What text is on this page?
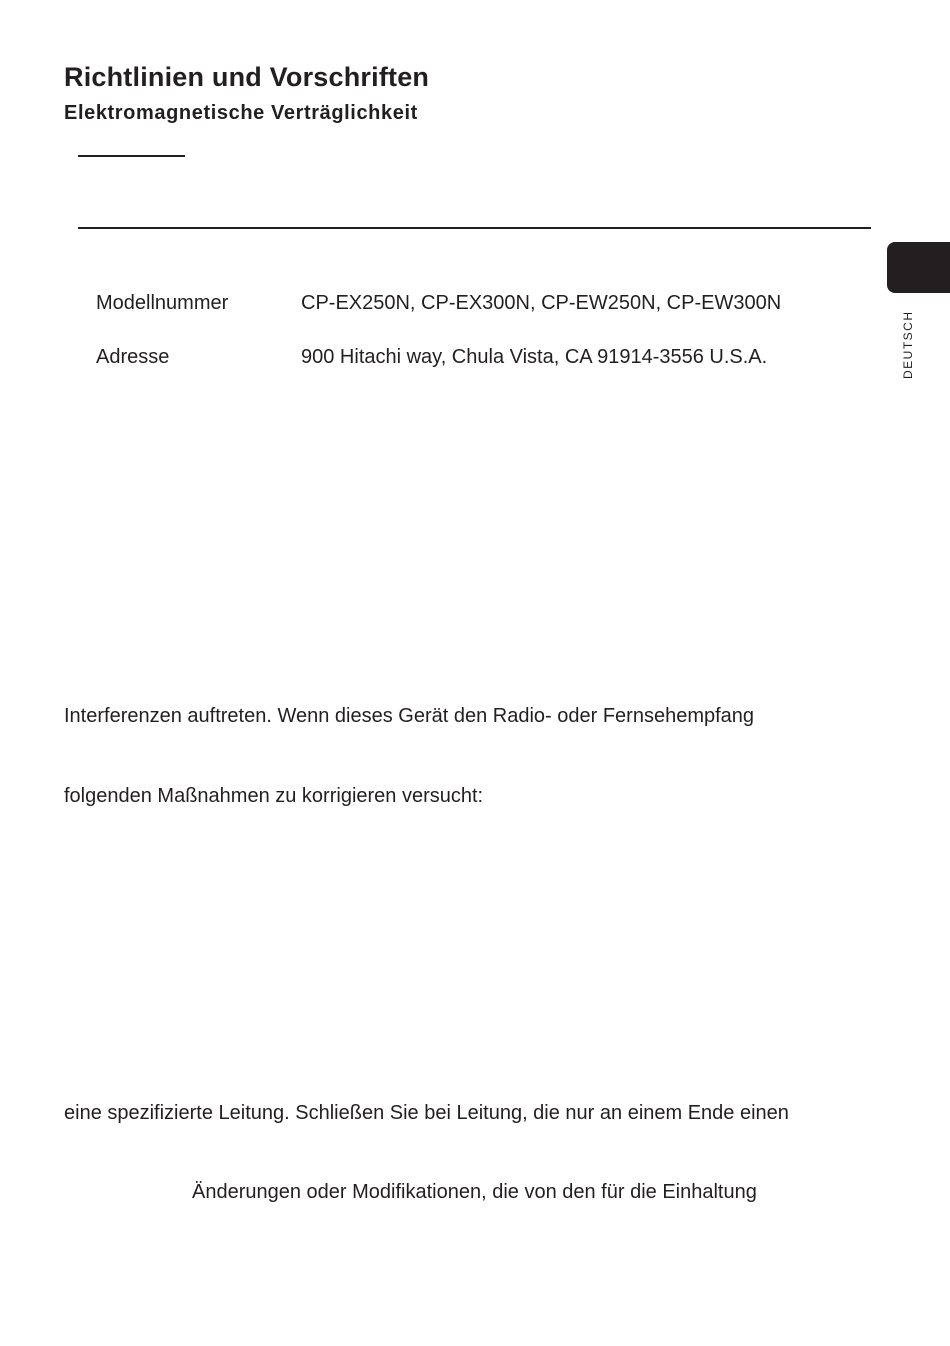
Richtlinien und Vorschriften
Elektromagnetische Verträglichkeit
DEUTSCH
Modellnummer	CP-EX250N, CP-EX300N, CP-EW250N, CP-EW300N
Adresse	900 Hitachi way, Chula Vista, CA 91914-3556 U.S.A.
Interferenzen auftreten. Wenn dieses Gerät den Radio- oder Fernsehempfang
folgenden Maßnahmen zu korrigieren versucht:
eine spezifizierte Leitung. Schließen Sie bei Leitung, die nur an einem Ende einen
Änderungen oder Modifikationen, die von den für die Einhaltung
